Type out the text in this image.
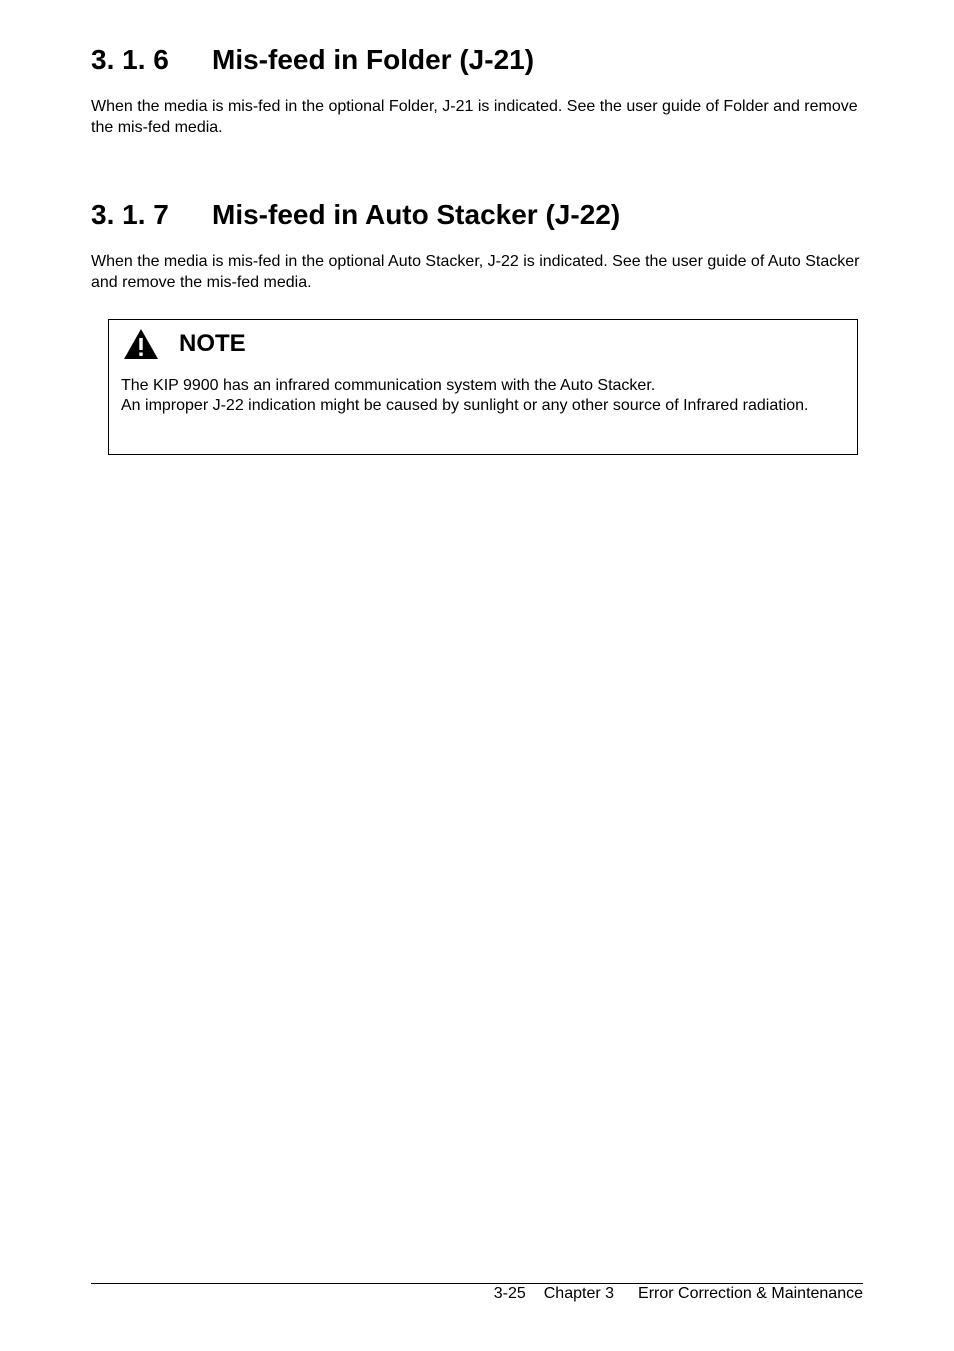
3. 1. 6	Mis-feed in Folder (J-21)

When the media is mis-fed in the optional Folder, J-21 is indicated. See the user guide of Folder and remove the mis-fed media.

3. 1. 7	Mis-feed in Auto Stacker (J-22)

When the media is mis-fed in the optional Auto Stacker, J-22 is indicated. See the user guide of Auto Stacker and remove the mis-fed media.

NOTE

The KIP 9900 has an infrared communication system with the Auto Stacker.

An improper J-22 indication might be caused by sunlight or any other source of Infrared radiation.

3-25 Chapter 3 Error Correction & Maintenance
